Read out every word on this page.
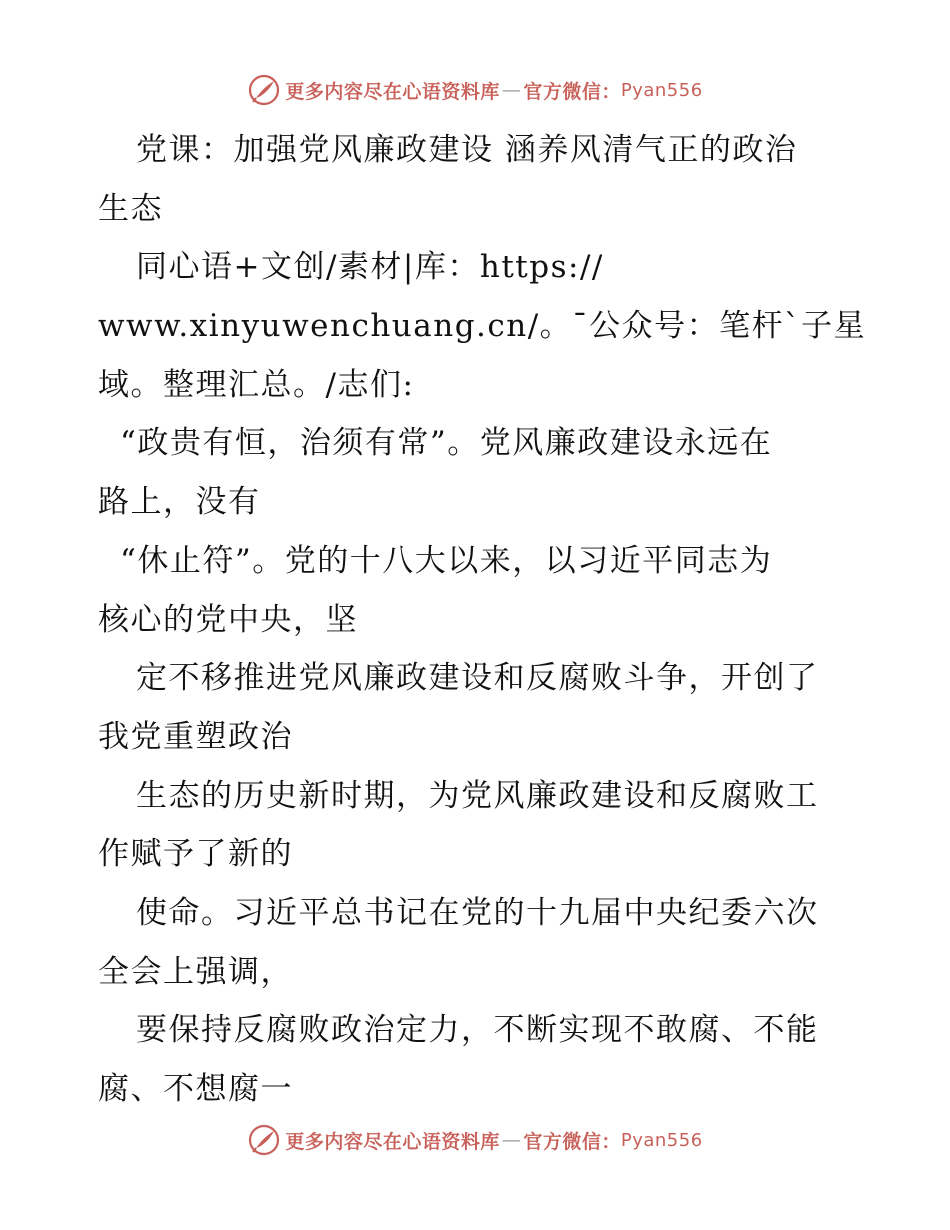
更多内容尽在心语资料库 — 官方微信： Pyan556
党课：加强党风廉政建设 涵养风清气正的政治
生态
同心语+文创/素材|库：https://
www.xinyuwenchuang.cn/。¯公众号：笔杆`子星
域。整理汇总。/志们:
“政贵有恒，治须有常”。党风廉政建设永远在
路上，没有
“休止符”。党的十八大以来，以习近平同志为
核心的党中央，坚
定不移推进党风廉政建设和反腐败斗争，开创了
我党重塑政治
生态的历史新时期，为党风廉政建设和反腐败工
作赋予了新的
使命。习近平总书记在党的十九届中央纪委六次
全会上强调，
要保持反腐败政治定力，不断实现不敢腐、不能
腐、不想腐一
更多内容尽在心语资料库 — 官方微信： Pyan556
